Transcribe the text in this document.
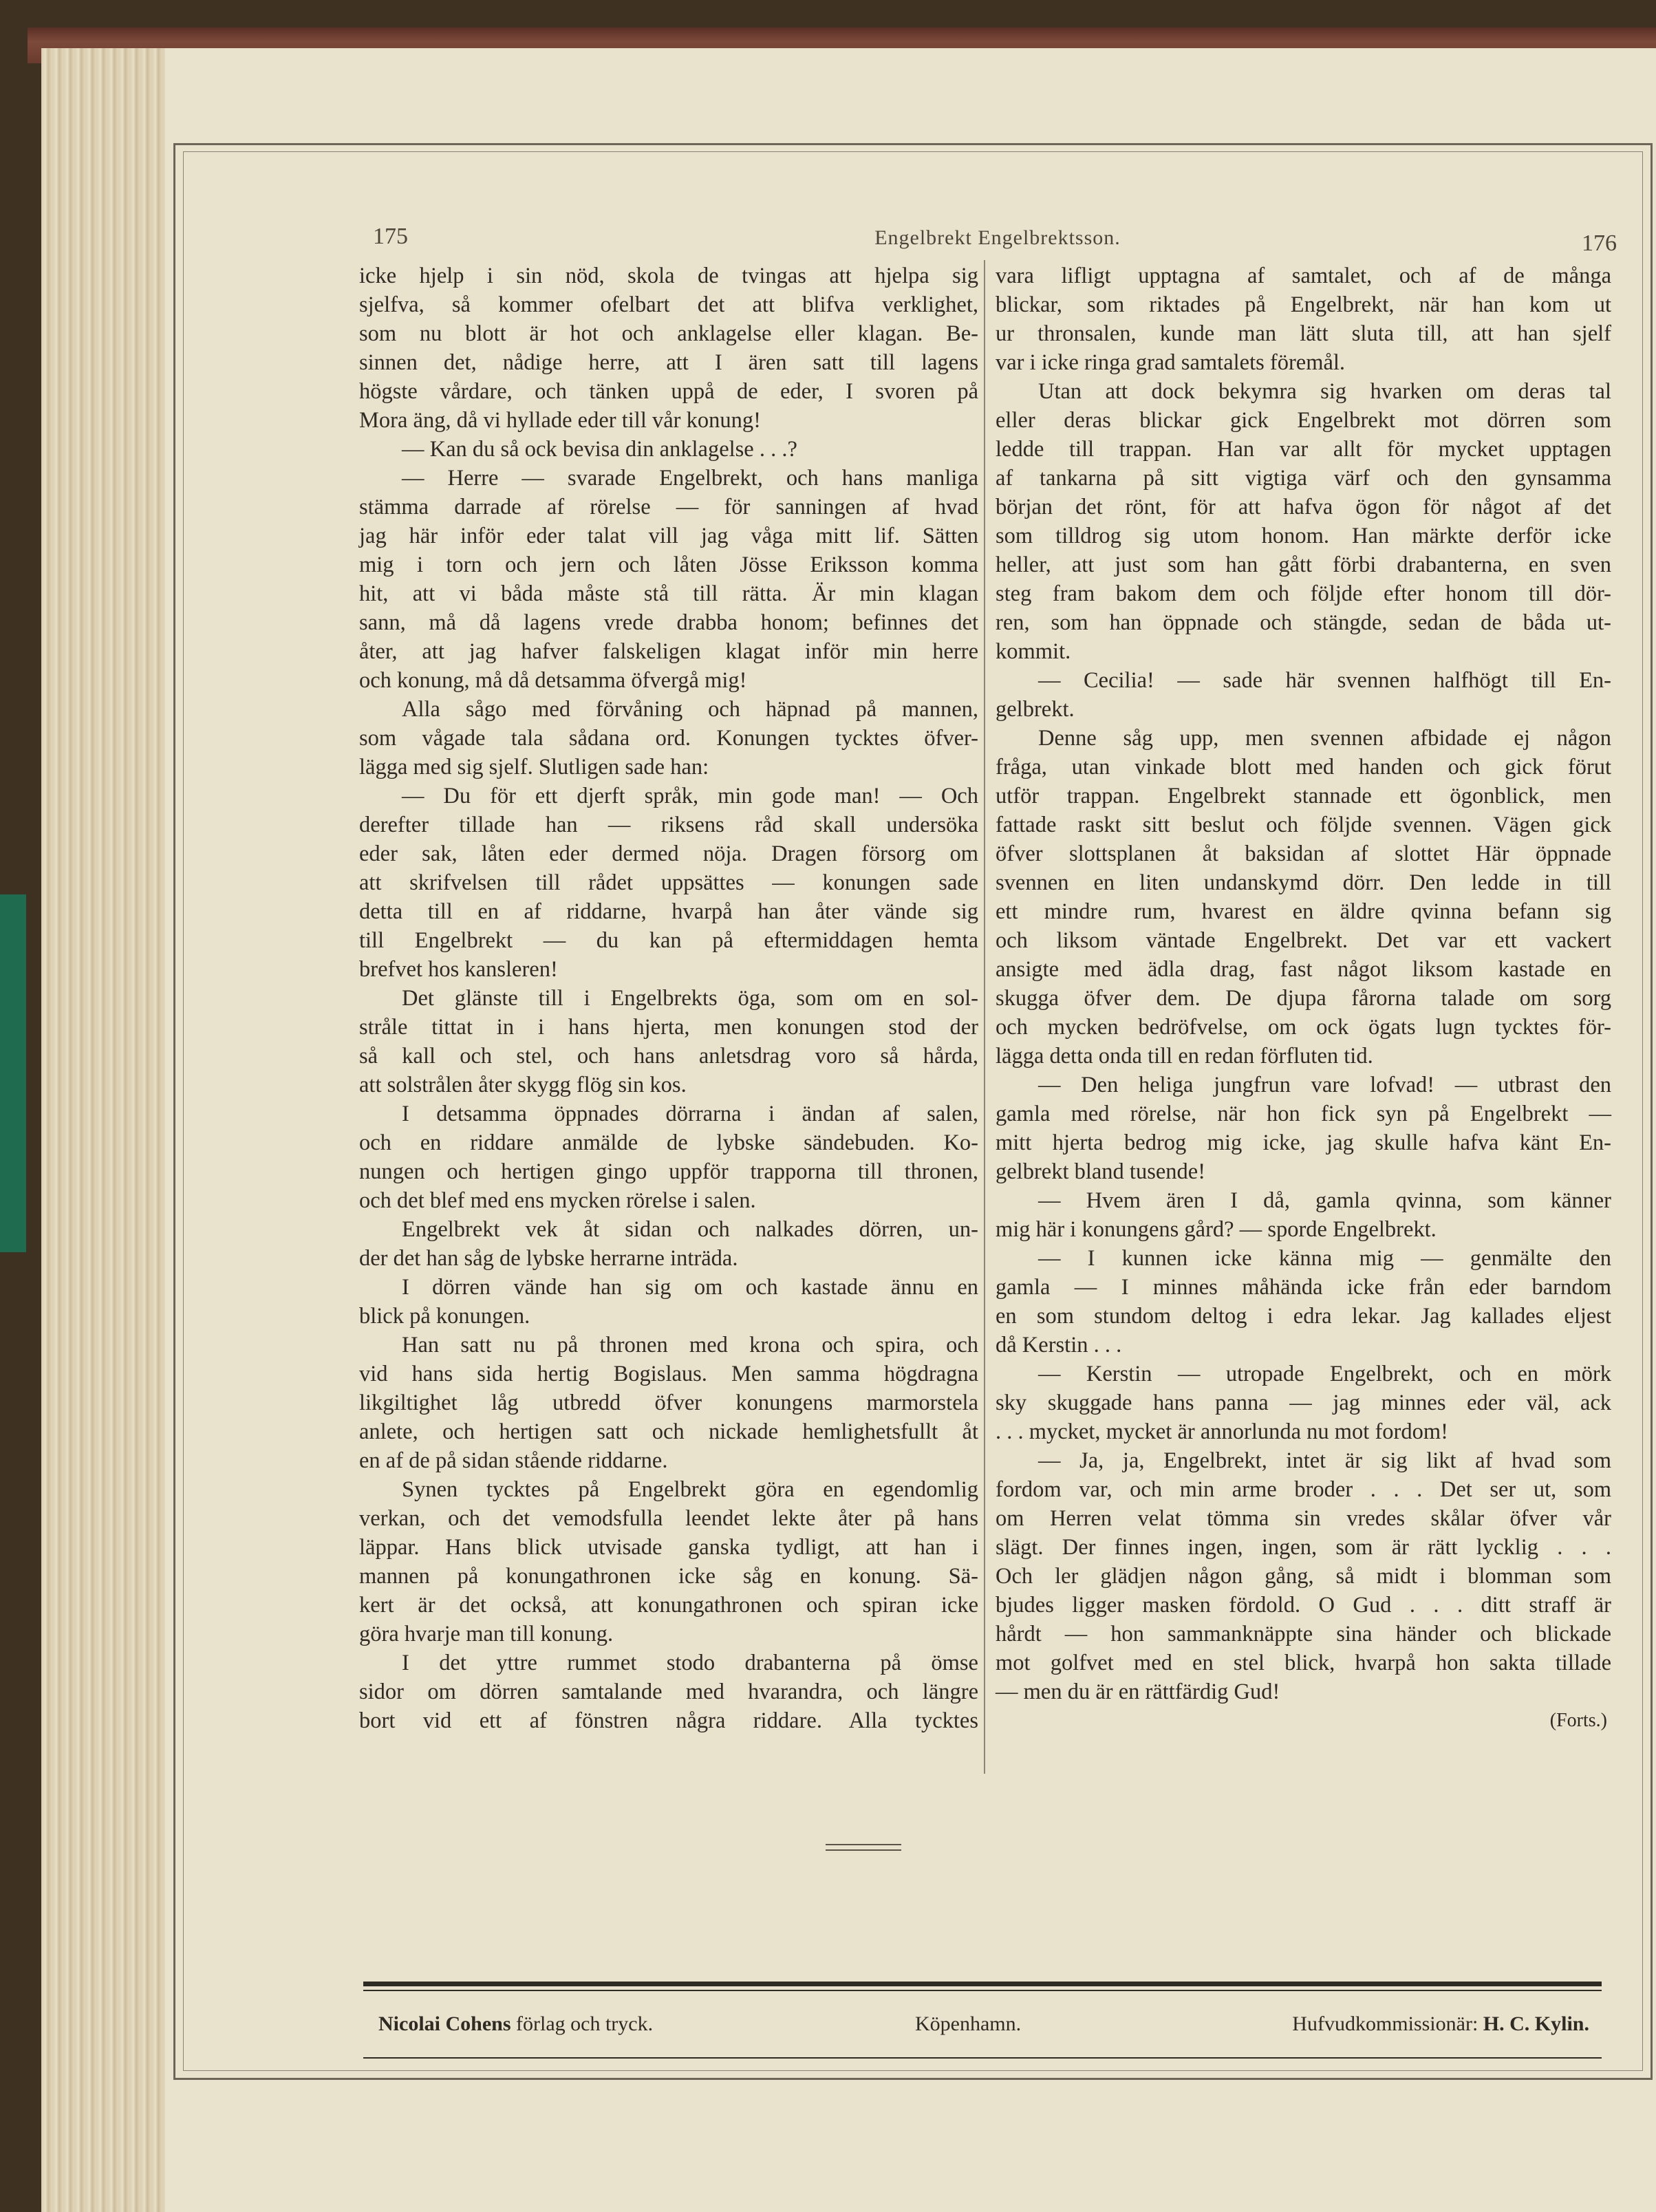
175	Engelbrekt Engelbrektsson.	176
icke hjelp i sin nöd, skola de tvingas att hjelpa sig
sjelfva, så kommer ofelbart det att blifva verklighet,
som nu blott är hot och anklagelse eller klagan. Be-
sinnen det, nådige herre, att I ären satt till lagens
högste vårdare, och tänken uppå de eder, I svoren på
Mora äng, då vi hyllade eder till vår konung!
— Kan du så ock bevisa din anklagelse . . .?
— Herre — svarade Engelbrekt, och hans manliga
stämma darrade af rörelse — för sanningen af hvad
jag här inför eder talat vill jag våga mitt lif. Sätten
mig i torn och jern och låten Jösse Eriksson komma
hit, att vi båda måste stå till rätta. Är min klagan
sann, må då lagens vrede drabba honom; befinnes det
åter, att jag hafver falskeligen klagat inför min herre
och konung, må då detsamma öfvergå mig!
Alla sågo med förvåning och häpnad på mannen,
som vågade tala sådana ord. Konungen tycktes öfver-
lägga med sig sjelf. Slutligen sade han:
— Du för ett djerft språk, min gode man! — Och
derefter tillade han — riksens råd skall undersöka
eder sak, låten eder dermed nöja. Dragen försorg om
att skrifvelsen till rådet uppsättes — konungen sade
detta till en af riddarne, hvarpå han åter vände sig
till Engelbrekt — du kan på eftermiddagen hemta
brefvet hos kansleren!
Det glänste till i Engelbrekts öga, som om en sol-
stråle tittat in i hans hjerta, men konungen stod der
så kall och stel, och hans anletsdrag voro så hårda,
att solstrålen åter skygg flög sin kos.
I detsamma öppnades dörrarna i ändan af salen,
och en riddare anmälde de lybske sändebuden. Ko-
nungen och hertigen gingo uppför trapporna till thronen,
och det blef med ens mycken rörelse i salen.
Engelbrekt vek åt sidan och nalkades dörren, un-
der det han såg de lybske herrarne inträda.
I dörren vände han sig om och kastade ännu en
blick på konungen.
Han satt nu på thronen med krona och spira, och
vid hans sida hertig Bogislaus. Men samma högdragna
likgiltighet låg utbredd öfver konungens marmorstela
anlete, och hertigen satt och nickade hemlighetsfullt åt
en af de på sidan stående riddarne.
Synen tycktes på Engelbrekt göra en egendomlig
verkan, och det vemodsfulla leendet lekte åter på hans
läppar. Hans blick utvisade ganska tydligt, att han i
mannen på konungathronen icke såg en konung. Sä-
kert är det också, att konungathronen och spiran icke
göra hvarje man till konung.
I det yttre rummet stodo drabanterna på ömse
sidor om dörren samtalande med hvarandra, och längre
bort vid ett af fönstren några riddare. Alla tycktes
vara lifligt upptagna af samtalet, och af de många
blickar, som riktades på Engelbrekt, när han kom ut
ur thronsalen, kunde man lätt sluta till, att han sjelf
var i icke ringa grad samtalets föremål.
Utan att dock bekymra sig hvarken om deras tal
eller deras blickar gick Engelbrekt mot dörren som
ledde till trappan. Han var allt för mycket upptagen
af tankarna på sitt vigtiga värf och den gynsamma
början det rönt, för att hafva ögon för något af det
som tilldrog sig utom honom. Han märkte derför icke
heller, att just som han gått förbi drabanterna, en sven
steg fram bakom dem och följde efter honom till dör-
ren, som han öppnade och stängde, sedan de båda ut-
kommit.
— Cecilia! — sade här svennen halfhögt till En-
gelbrekt.
Denne såg upp, men svennen afbidade ej någon
fråga, utan vinkade blott med handen och gick förut
utför trappan. Engelbrekt stannade ett ögonblick, men
fattade raskt sitt beslut och följde svennen. Vägen gick
öfver slottsplanen åt baksidan af slottet Här öppnade
svennen en liten undanskymd dörr. Den ledde in till
ett mindre rum, hvarest en äldre qvinna befann sig
och liksom väntade Engelbrekt. Det var ett vackert
ansigte med ädla drag, fast något liksom kastade en
skugga öfver dem. De djupa fårorna talade om sorg
och mycken bedröfvelse, om ock ögats lugn tycktes för-
lägga detta onda till en redan förfluten tid.
— Den heliga jungfrun vare lofvad! — utbrast den
gamla med rörelse, när hon fick syn på Engelbrekt —
mitt hjerta bedrog mig icke, jag skulle hafva känt En-
gelbrekt bland tusende!
— Hvem ären I då, gamla qvinna, som känner
mig här i konungens gård? — sporde Engelbrekt.
— I kunnen icke känna mig — genmälte den
gamla — I minnes måhända icke från eder barndom
en som stundom deltog i edra lekar. Jag kallades eljest
då Kerstin . . .
— Kerstin — utropade Engelbrekt, och en mörk
sky skuggade hans panna — jag minnes eder väl, ack
. . . mycket, mycket är annorlunda nu mot fordom!
— Ja, ja, Engelbrekt, intet är sig likt af hvad som
fordom var, och min arme broder . . . Det ser ut, som
om Herren velat tömma sin vredes skålar öfver vår
slägt. Der finnes ingen, ingen, som är rätt lycklig . . .
Och ler glädjen någon gång, så midt i blomman som
bjudes ligger masken fördold. O Gud . . . ditt straff är
hårdt — hon sammanknäppte sina händer och blickade
mot golfvet med en stel blick, hvarpå hon sakta tillade
— men du är en rättfärdig Gud!
(Forts.)
Nicolai Cohens förlag och tryck.	Köpenhamn.	Hufvudkommissionär: H. C. Kylin.
